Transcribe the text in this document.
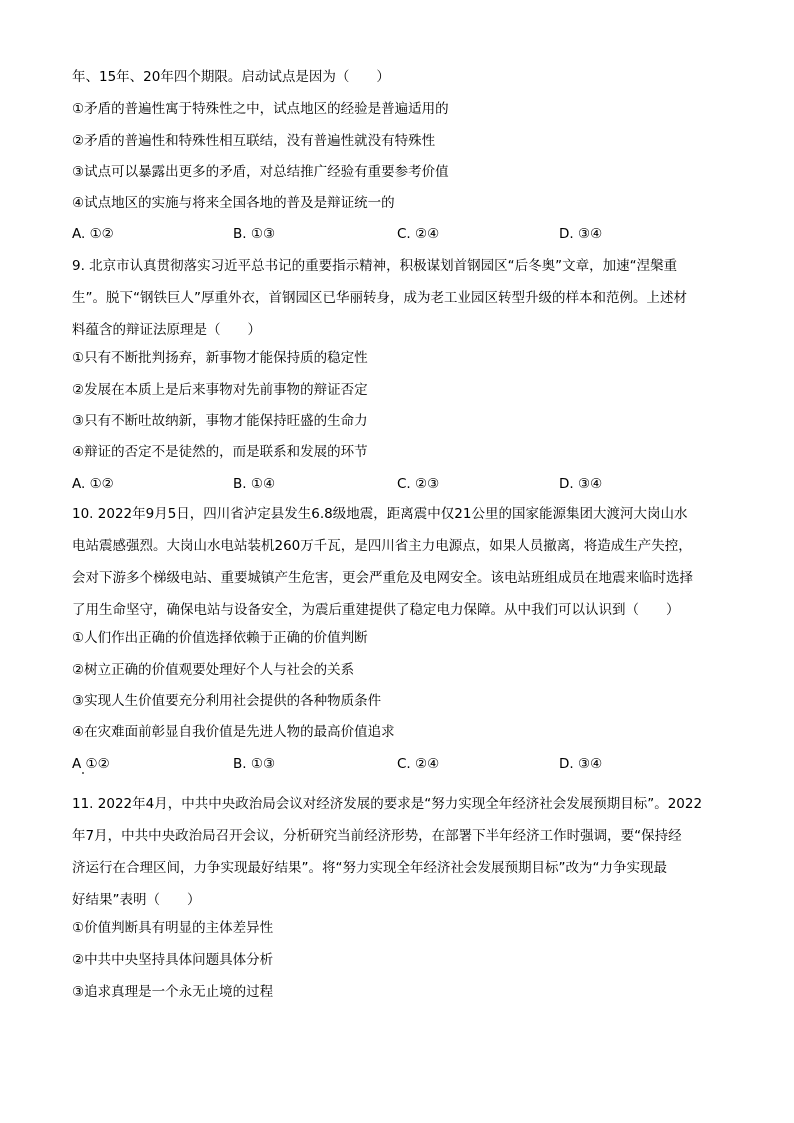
年、15年、20年四个期限。启动试点是因为（　　）
①矛盾的普遍性寓于特殊性之中，试点地区的经验是普遍适用的
②矛盾的普遍性和特殊性相互联结，没有普遍性就没有特殊性
③试点可以暴露出更多的矛盾，对总结推广经验有重要参考价值
④试点地区的实施与将来全国各地的普及是辩证统一的
A. ①②	B. ①③	C. ②④	D. ③④
9. 北京市认真贯彻落实习近平总书记的重要指示精神，积极谋划首钢园区“后冬奥”文章，加速“涅槃重
生”。脱下“钢铁巨人”厚重外衣，首钢园区已华丽转身，成为老工业园区转型升级的样本和范例。上述材
料蕴含的辩证法原理是（　　）
①只有不断批判扬弃，新事物才能保持质的稳定性
②发展在本质上是后来事物对先前事物的辩证否定
③只有不断吐故纳新，事物才能保持旺盛的生命力
④辩证的否定不是徒然的，而是联系和发展的环节
A. ①②	B. ①④	C. ②③	D. ③④
10. 2022年9月5日，四川省泸定县发生6.8级地震，距离震中仅21公里的国家能源集团大渡河大岗山水
电站震感强烈。大岗山水电站装机260万千瓦，是四川省主力电源点，如果人员撤离，将造成生产失控，
会对下游多个梯级电站、重要城镇产生危害，更会严重危及电网安全。该电站班组成员在地震来临时选择
了用生命坚守，确保电站与设备安全，为震后重建提供了稳定电力保障。从中我们可以认识到（　　）
①人们作出正确的价值选择依赖于正确的价值判断
②树立正确的价值观要处理好个人与社会的关系
③实现人生价值要充分利用社会提供的各种物质条件
④在灾难面前彰显自我价值是先进人物的最高价值追求
A ①②	B. ①③	C. ②④	D. ③④
11. 2022年4月，中共中央政治局会议对经济发展的要求是“努力实现全年经济社会发展预期目标”。2022
年7月，中共中央政治局召开会议，分析研究当前经济形势，在部署下半年经济工作时强调，要“保持经
济运行在合理区间，力争实现最好结果”。将“努力实现全年经济社会发展预期目标”改为“力争实现最
好结果”表明（　　）
①价值判断具有明显的主体差异性
②中共中央坚持具体问题具体分析
③追求真理是一个永无止境的过程
